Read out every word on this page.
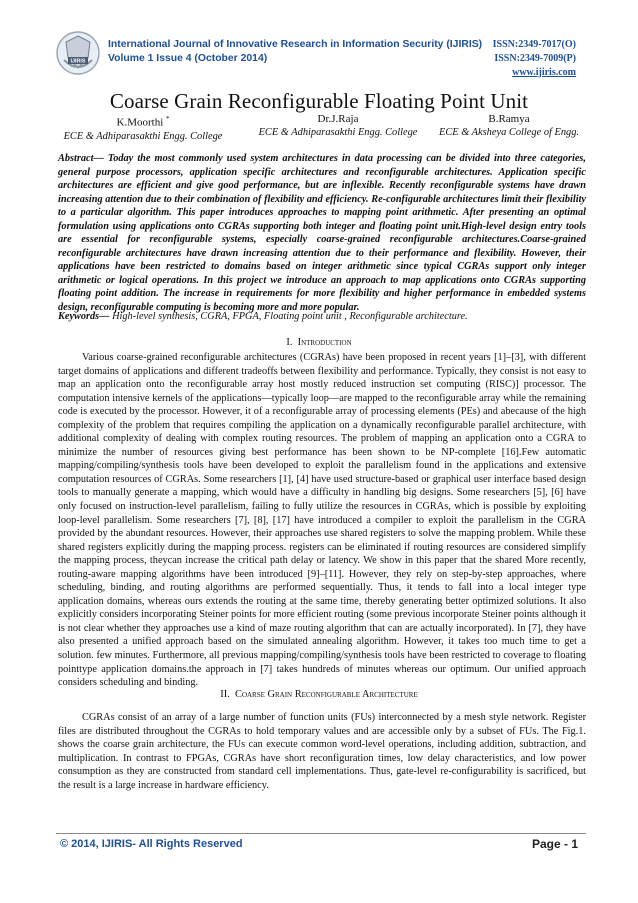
IJIRIS
International Journal of Innovative Research in Information Security (IJIRIS)
Volume 1 Issue 4 (October 2014)
ISSN:2349-7017(O)
ISSN:2349-7009(P)
www.ijiris.com
Coarse Grain Reconfigurable Floating Point Unit
K.Moorthi *
ECE & Adhiparasakthi Engg. College
Dr.J.Raja
ECE & Adhiparasakthi Engg. College
B.Ramya
ECE & Aksheya College of Engg.
Abstract— Today the most commonly used system architectures in data processing can be divided into three categories, general purpose processors, application specific architectures and reconfigurable architectures. Application specific architectures are efficient and give good performance, but are inflexible. Recently reconfigurable systems have drawn increasing attention due to their combination of flexibility and efficiency. Re-configurable architectures limit their flexibility to a particular algorithm. This paper introduces approaches to mapping point arithmetic. After presenting an optimal formulation using applications onto CGRAs supporting both integer and floating point unit.High-level design entry tools are essential for reconfigurable systems, especially coarse-grained reconfigurable architectures.Coarse-grained reconfigurable architectures have drawn increasing attention due to their performance and flexibility. However, their applications have been restricted to domains based on integer arithmetic since typical CGRAs support only integer arithmetic or logical operations. In this project we introduce an approach to map applications onto CGRAs supporting floating point addition. The increase in requirements for more flexibility and higher performance in embedded systems design, reconfigurable computing is becoming more and more popular.
Keywords— High-level synthesis, CGRA, FPGA, Floating point unit , Reconfigurable architecture.
I. Introduction

Various coarse-grained reconfigurable architectures (CGRAs) have been proposed in recent years [1]–[3], with different target domains of applications and different tradeoffs between flexibility and performance. Typically, they consist is not easy to map an application onto the reconfigurable array host mostly reduced instruction set computing (RISC)] processor. The computation intensive kernels of the applications—typically loop—are mapped to the reconfigurable array while the remaining code is executed by the processor. However, it of a reconfigurable array of processing elements (PEs) and abecause of the high complexity of the problem that requires compiling the application on a dynamically reconfigurable parallel architecture, with additional complexity of dealing with complex routing resources. The problem of mapping an application onto a CGRA to minimize the number of resources giving best performance has been shown to be NP-complete [16].Few automatic mapping/compiling/synthesis tools have been developed to exploit the parallelism found in the applications and extensive computation resources of CGRAs. Some researchers [1], [4] have used structure-based or graphical user interface based design tools to manually generate a mapping, which would have a difficulty in handling big designs. Some researchers [5], [6] have only focused on instruction-level parallelism, failing to fully utilize the resources in CGRAs, which is possible by exploiting loop-level parallelism. Some researchers [7], [8], [17] have introduced a compiler to exploit the parallelism in the CGRA provided by the abundant resources. However, their approaches use shared registers to solve the mapping problem. While these shared registers explicitly during the mapping process. registers can be eliminated if routing resources are considered simplify the mapping process, theycan increase the critical path delay or latency. We show in this paper that the shared More recently, routing-aware mapping algorithms have been introduced [9]–[11]. However, they rely on step-by-step approaches, where scheduling, binding, and routing algorithms are performed sequentially. Thus, it tends to fall into a local integer type application domains, whereas ours extends the routing at the same time, thereby generating better optimized solutions. It also explicitly considers incorporating Steiner points for more efficient routing (some previous incorporate Steiner points although it is not clear whether they approaches use a kind of maze routing algorithm that can are actually incorporated). In [7], they have also presented a unified approach based on the simulated annealing algorithm. However, it takes too much time to get a solution. few minutes. Furthermore, all previous mapping/compiling/synthesis tools have been restricted to coverage to floating pointtype application domains.the approach in [7] takes hundreds of minutes whereas our optimum. Our unified approach considers scheduling and binding.

II. Coarse Grain Reconfigurable Architecture

CGRAs consist of an array of a large number of function units (FUs) interconnected by a mesh style network. Register files are distributed throughout the CGRAs to hold temporary values and are accessible only by a subset of FUs. The Fig.1. shows the coarse grain architecture, the FUs can execute common word-level operations, including addition, subtraction, and multiplication. In contrast to FPGAs, CGRAs have short reconfiguration times, low delay characteristics, and low power consumption as they are constructed from standard cell implementations. Thus, gate-level re-configurability is sacrificed, but the result is a large increase in hardware efficiency.

© 2014, IJIRIS- All Rights Reserved	Page - 1
